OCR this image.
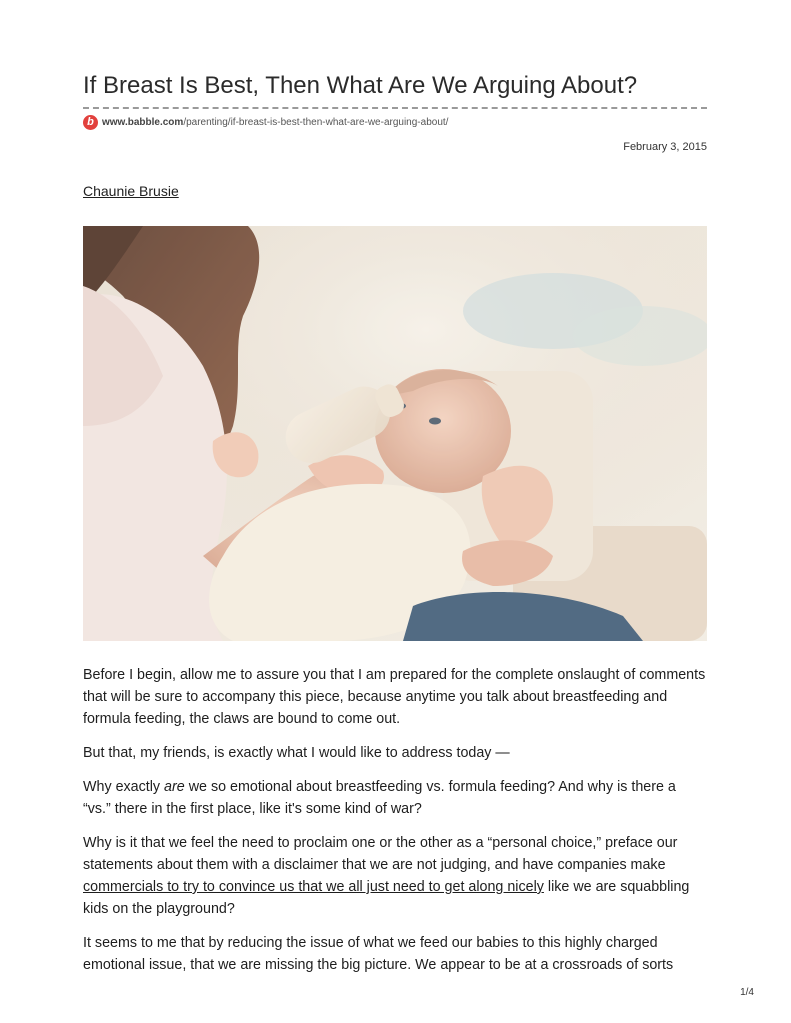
If Breast Is Best, Then What Are We Arguing About?
b www.babble.com/parenting/if-breast-is-best-then-what-are-we-arguing-about/
February 3, 2015
Chaunie Brusie

Before I begin, allow me to assure you that I am prepared for the complete onslaught of comments that will be sure to accompany this piece, because anytime you talk about breastfeeding and formula feeding, the claws are bound to come out.

But that, my friends, is exactly what I would like to address today —

Why exactly are we so emotional about breastfeeding vs. formula feeding? And why is there a “vs.” there in the first place, like it's some kind of war?

Why is it that we feel the need to proclaim one or the other as a “personal choice,” preface our statements about them with a disclaimer that we are not judging, and have companies make commercials to try to convince us that we all just need to get along nicely like we are squabbling kids on the playground?

It seems to me that by reducing the issue of what we feed our babies to this highly charged emotional issue, that we are missing the big picture. We appear to be at a crossroads of sorts

1/4
